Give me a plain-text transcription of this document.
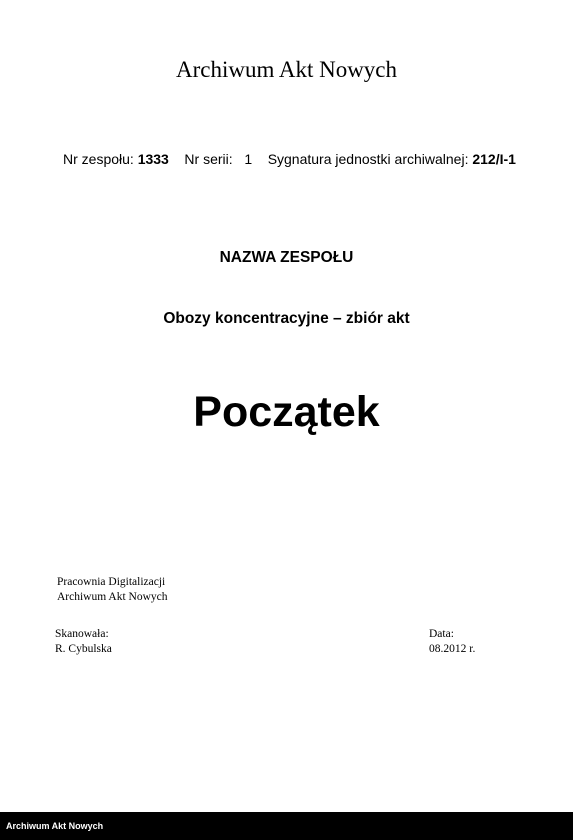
Archiwum Akt Nowych
Nr zespołu: 1333 Nr serii: 1 Sygnatura jednostki archiwalnej: 212/I-1
NAZWA ZESPOŁU
Obozy koncentracyjne – zbiór akt
Początek
Pracownia Digitalizacji
Archiwum Akt Nowych
Skanowała:
R. Cybulska
Data:
08.2012 r.
Archiwum Akt Nowych
